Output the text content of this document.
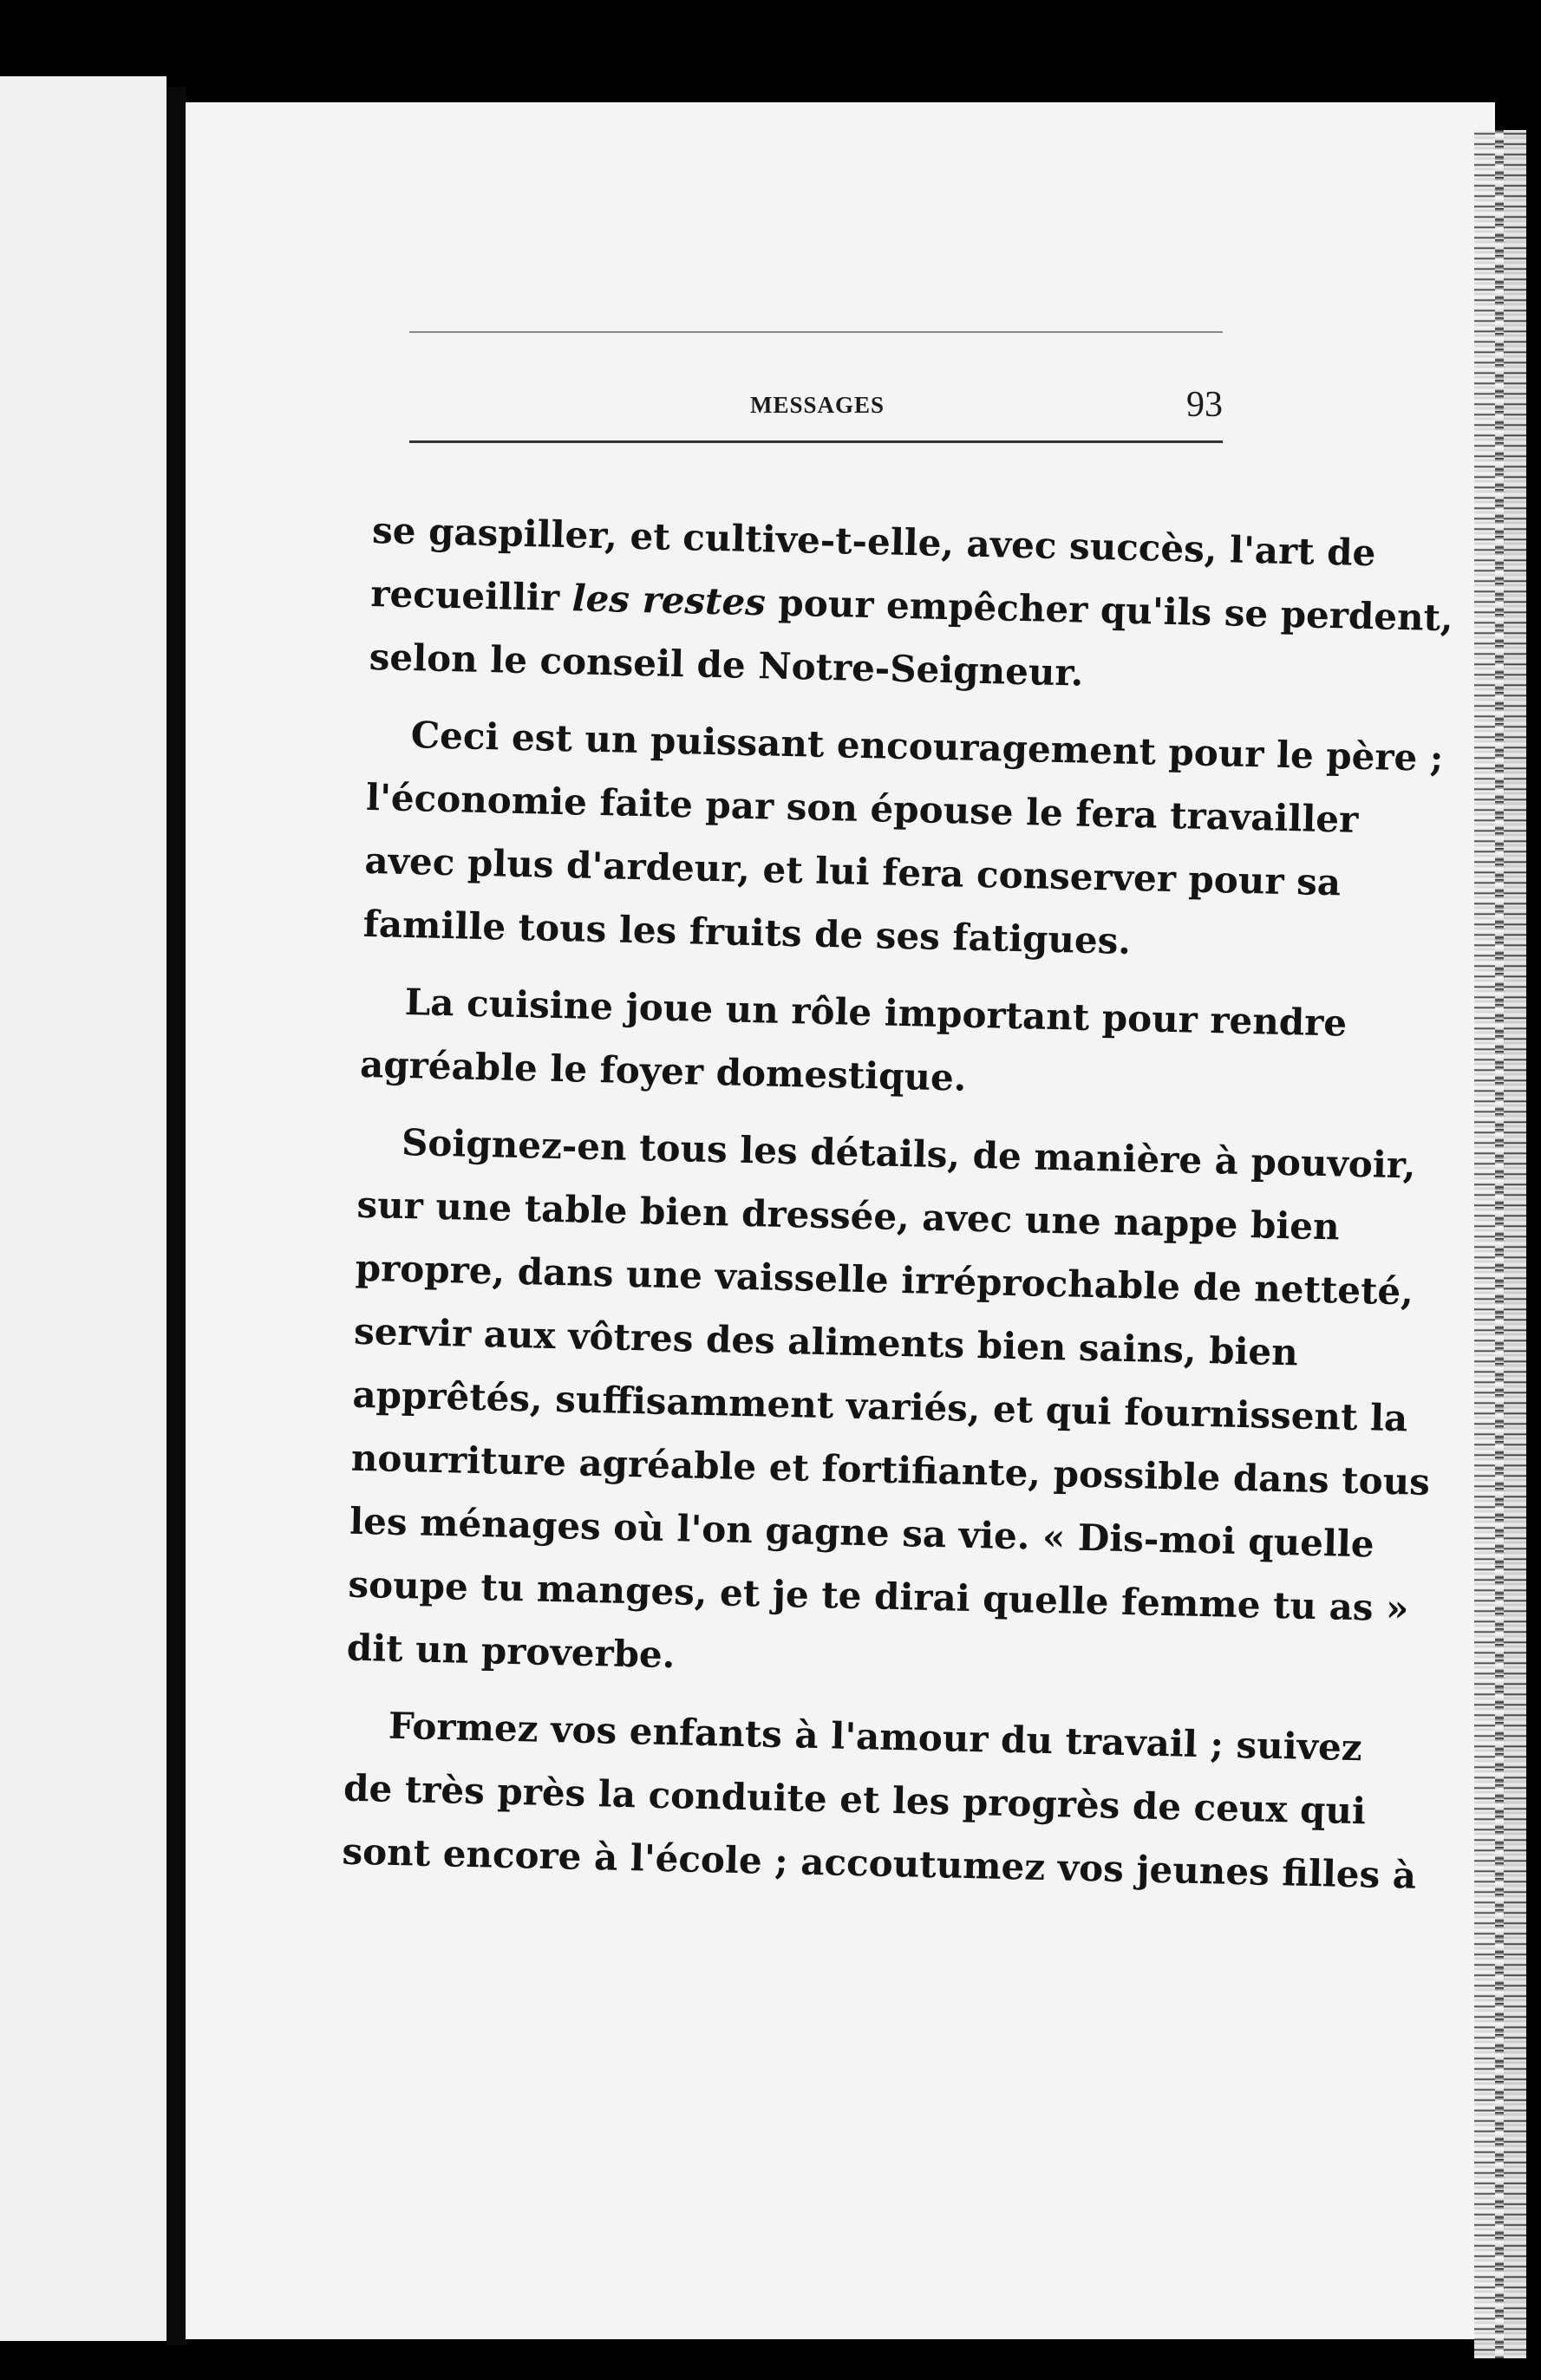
MESSAGES	93
se gaspiller, et cultive-t-elle, avec succès, l'art de
recueillir les restes pour empêcher qu'ils se perdent,
selon le conseil de Notre-Seigneur.
Ceci est un puissant encouragement pour le père ;
l'économie faite par son épouse le fera travailler
avec plus d'ardeur, et lui fera conserver pour sa
famille tous les fruits de ses fatigues.
La cuisine joue un rôle important pour rendre
agréable le foyer domestique.
Soignez-en tous les détails, de manière à pouvoir,
sur une table bien dressée, avec une nappe bien
propre, dans une vaisselle irréprochable de netteté,
servir aux vôtres des aliments bien sains, bien
apprêtés, suffisamment variés, et qui fournissent la
nourriture agréable et fortifiante, possible dans tous
les ménages où l'on gagne sa vie. « Dis-moi quelle
soupe tu manges, et je te dirai quelle femme tu as »
dit un proverbe.
Formez vos enfants à l'amour du travail ; suivez
de très près la conduite et les progrès de ceux qui
sont encore à l'école ; accoutumez vos jeunes filles à
